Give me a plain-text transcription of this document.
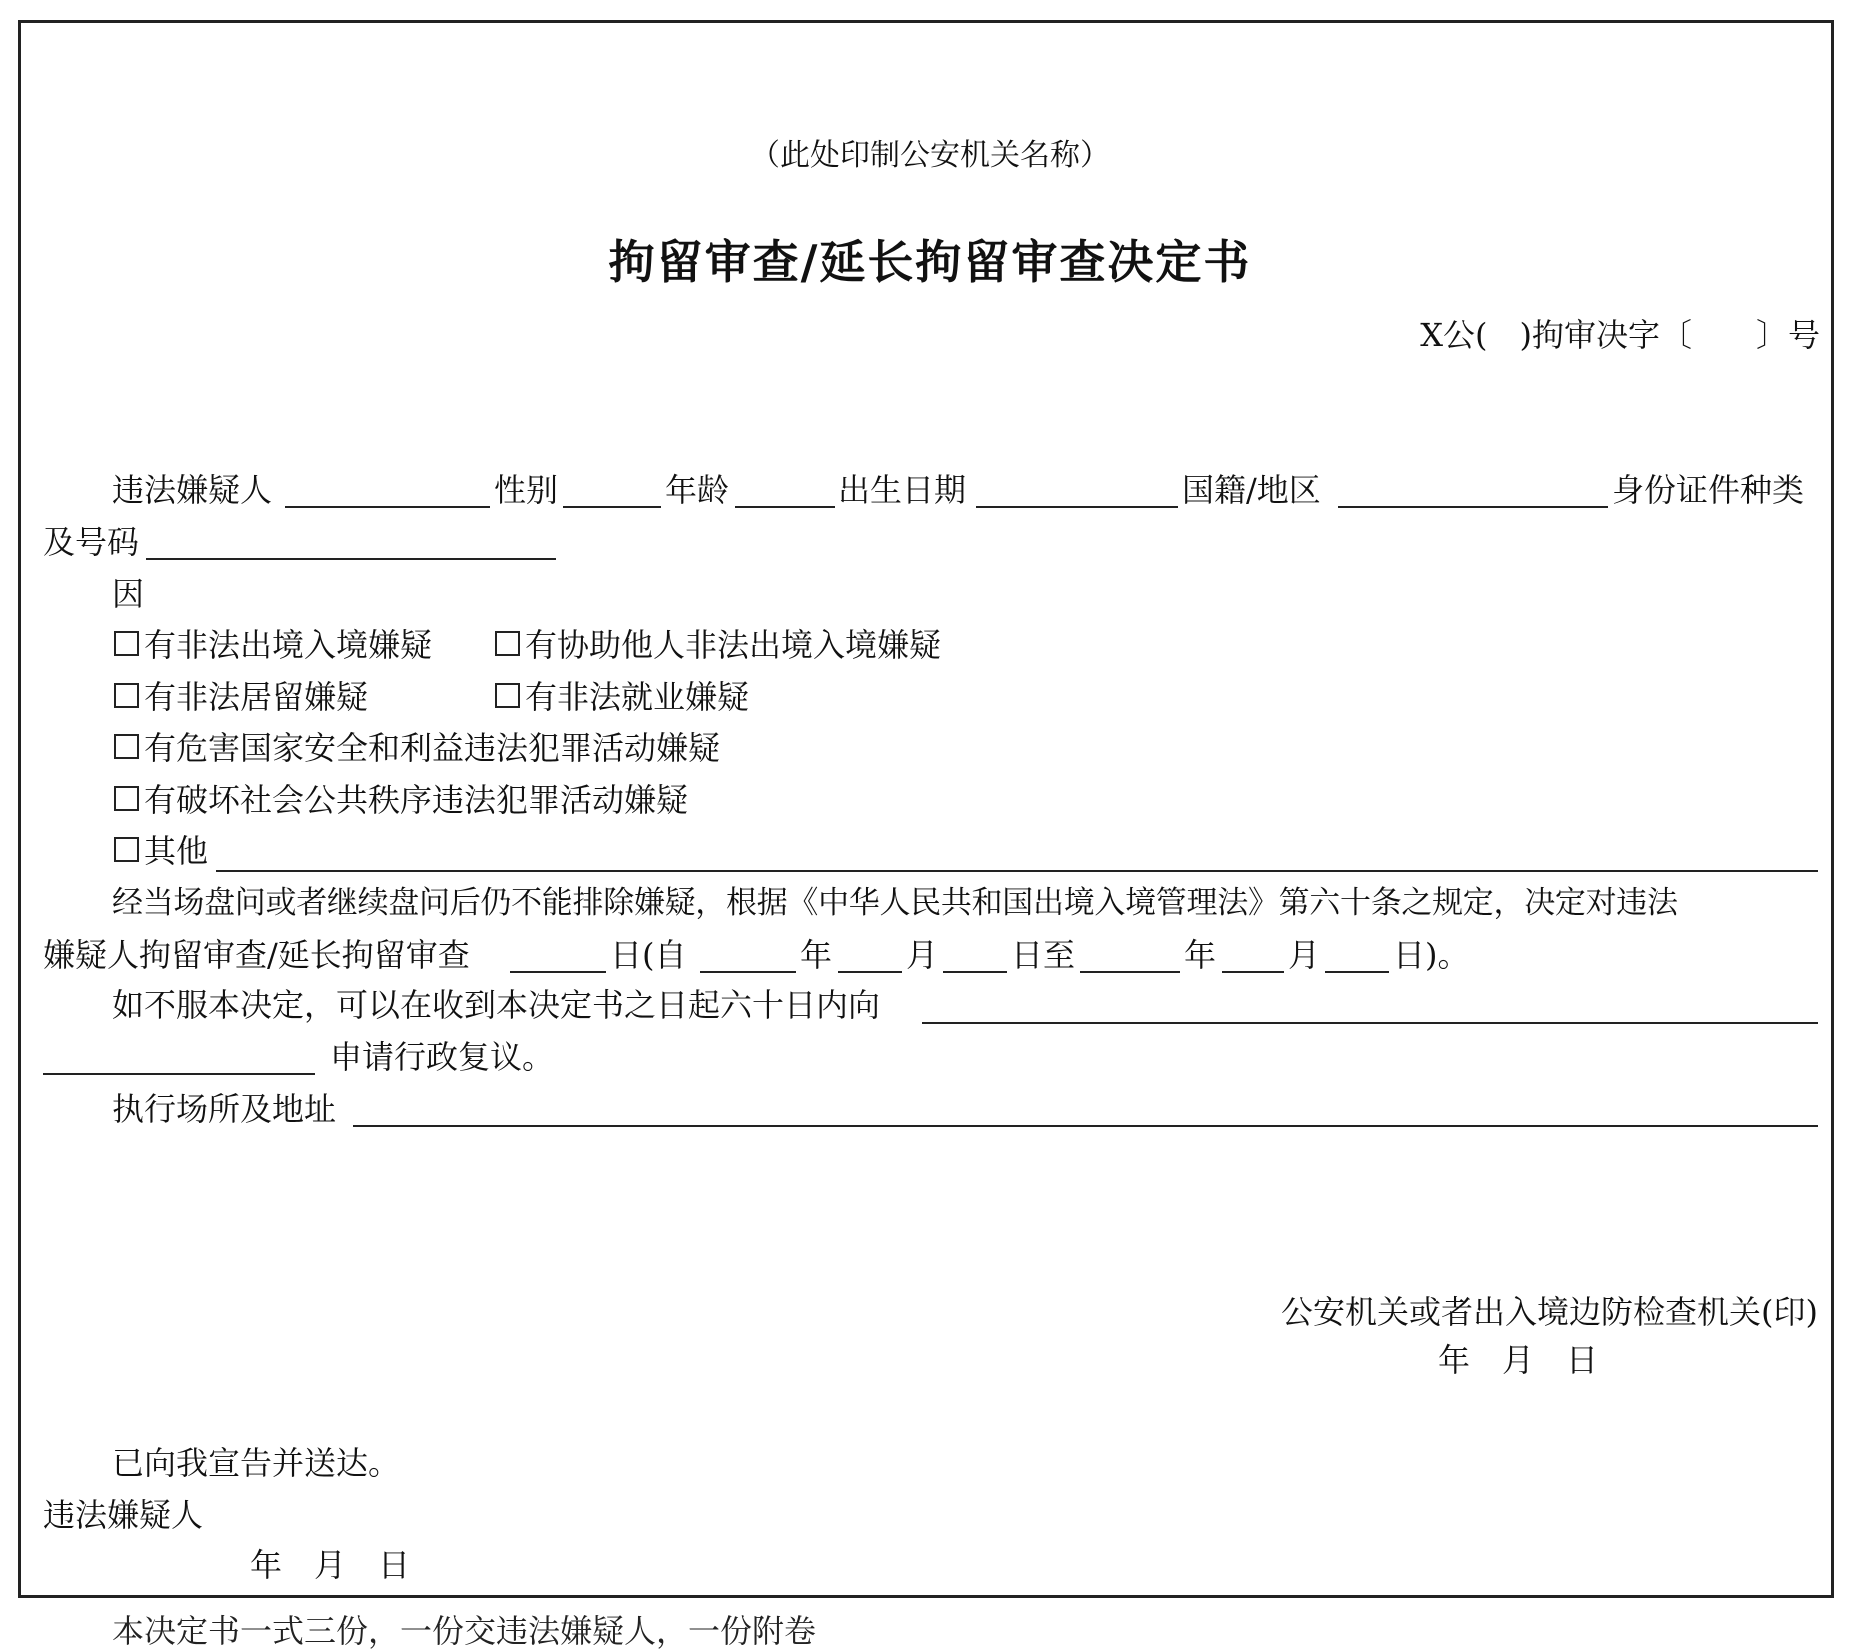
（此处印制公安机关名称）
拘留审查/延长拘留审查决定书
X公(　)拘审决字〔　　〕号
违法嫌疑人	性别	年龄	出生日期	国籍/地区	身份证件种类
及号码
因
有非法出境入境嫌疑	有协助他人非法出境入境嫌疑
有非法居留嫌疑	有非法就业嫌疑
有危害国家安全和利益违法犯罪活动嫌疑
有破坏社会公共秩序违法犯罪活动嫌疑
其他
经当场盘问或者继续盘问后仍不能排除嫌疑，根据《中华人民共和国出境入境管理法》第六十条之规定，决定对违法
嫌疑人拘留审查/延长拘留审查	日(自	年 月 日至	年 月 日)。
如不服本决定，可以在收到本决定书之日起六十日内向
申请行政复议。
执行场所及地址
公安机关或者出入境边防检查机关(印)
年　月　日
已向我宣告并送达。
违法嫌疑人
年　月　日
本决定书一式三份，一份交违法嫌疑人，一份附卷
